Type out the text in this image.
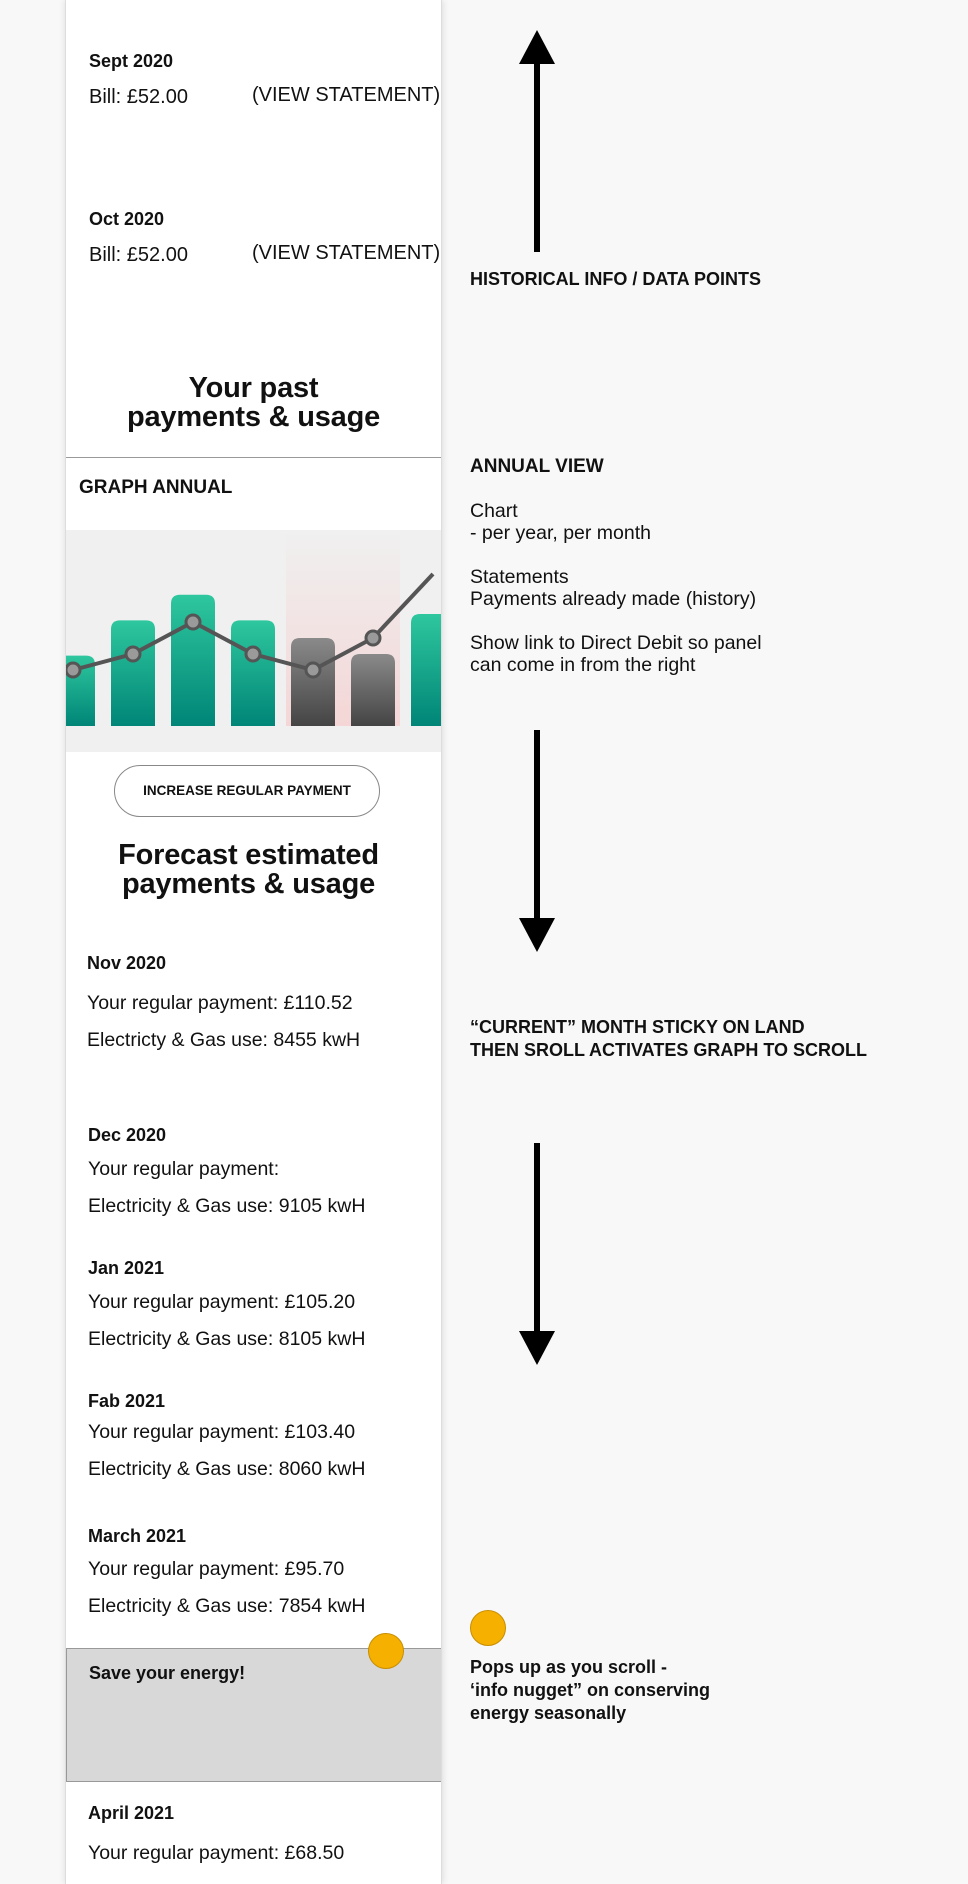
Sept 2020
Bill: £52.00	(VIEW STATEMENT)
Oct 2020
Bill: £52.00	(VIEW STATEMENT)
Your past
payments & usage
GRAPH ANNUAL
INCREASE REGULAR PAYMENT
Forecast estimated
payments & usage
Nov 2020
Your regular payment: £110.52
Electricty & Gas use: 8455 kwH
Dec 2020
Your regular payment:
Electricity & Gas use: 9105 kwH
Jan 2021
Your regular payment: £105.20
Electricity & Gas use: 8105 kwH
Fab 2021
Your regular payment: £103.40
Electricity & Gas use: 8060 kwH
March 2021
Your regular payment: £95.70
Electricity & Gas use: 7854 kwH
Save your energy!
April 2021
Your regular payment: £68.50
HISTORICAL INFO / DATA POINTS
ANNUAL VIEW
Chart
- per year, per month
Statements
Payments already made (history)
Show link to Direct Debit so panel
can come in from the right
“CURRENT” MONTH STICKY ON LAND
THEN SROLL ACTIVATES GRAPH TO SCROLL
Pops up as you scroll -
‘info nugget” on conserving
energy seasonally
